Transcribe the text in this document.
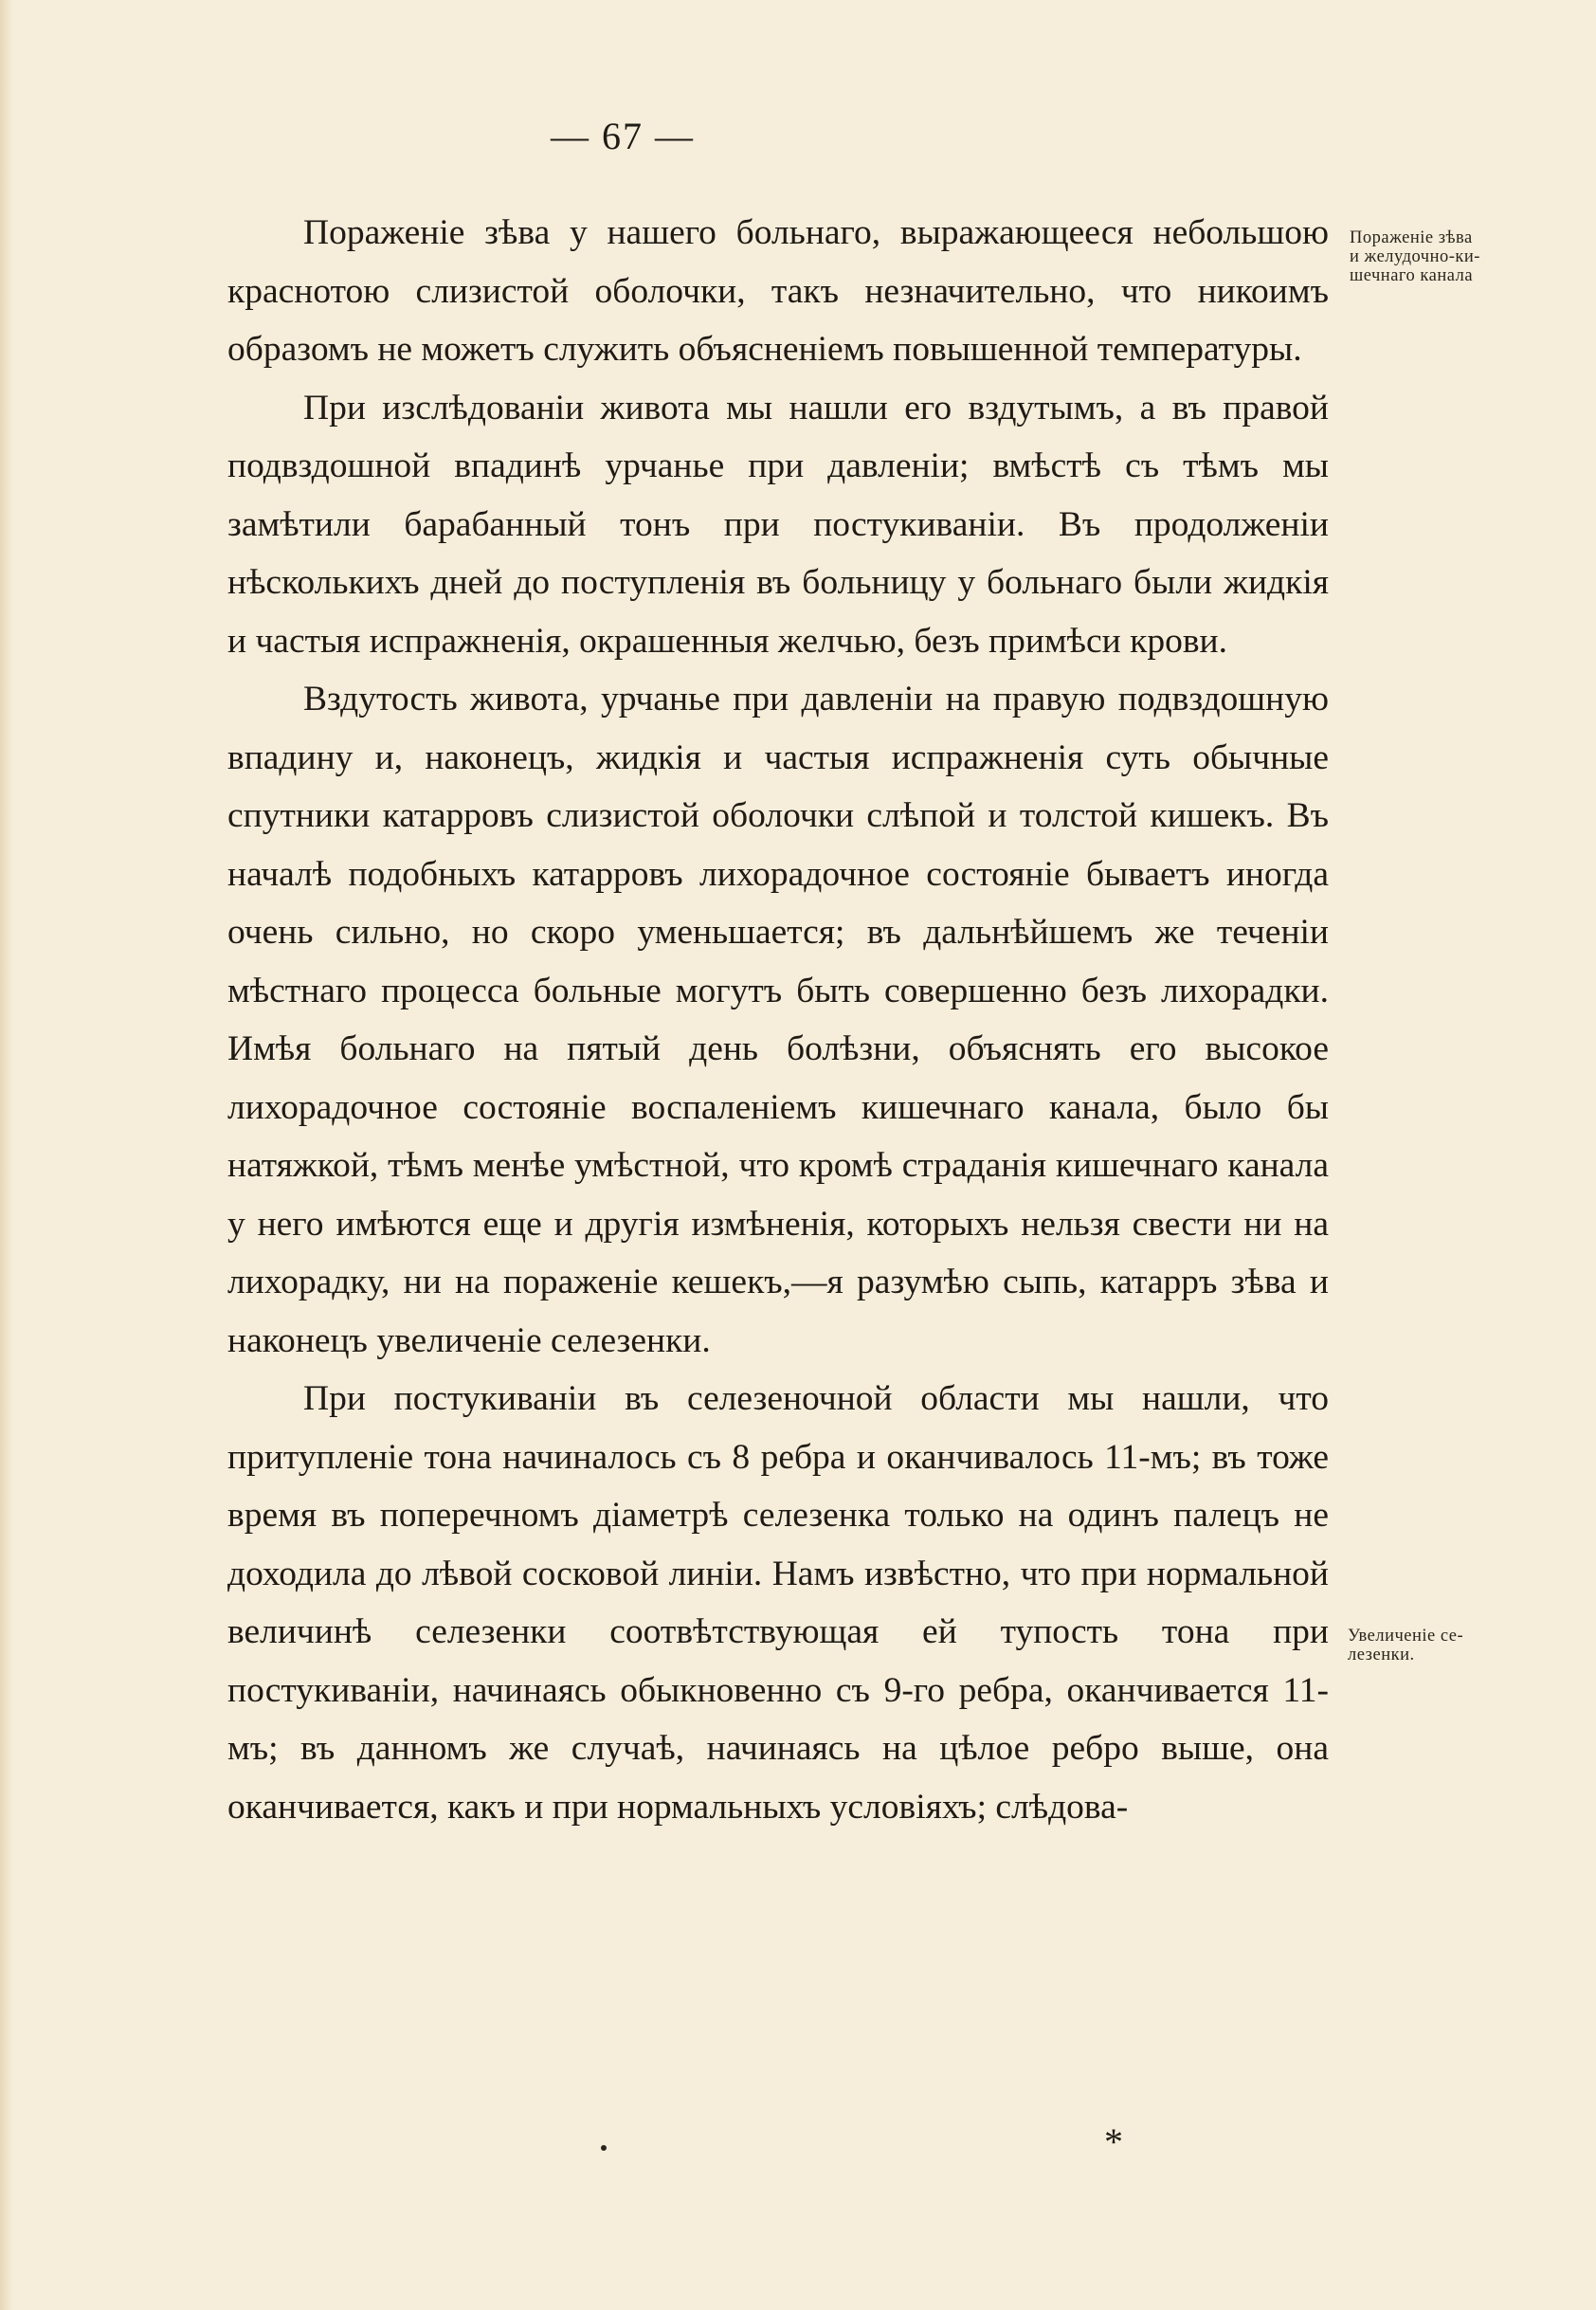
— 67 —

Пораженіе зѣва у нашего больнаго, выражающееся небольшою краснотою слизистой оболочки, такъ незначительно, что никоимъ образомъ не можетъ служить объясненіемъ повышенной температуры.

При изслѣдованіи живота мы нашли его вздутымъ, а въ правой подвздошной впадинѣ урчанье при давленіи; вмѣстѣ съ тѣмъ мы замѣтили барабанный тонъ при постукиваніи. Въ продолженіи нѣсколькихъ дней до поступленія въ больницу у больнаго были жидкія и частыя испражненія, окрашенныя желчью, безъ примѣси крови.

Вздутость живота, урчанье при давленіи на правую подвздошную впадину и, наконецъ, жидкія и частыя испражненія суть обычные спутники катарровъ слизистой оболочки слѣпой и толстой кишекъ. Въ началѣ подобныхъ катарровъ лихорадочное состояніе бываетъ иногда очень сильно, но скоро уменьшается; въ дальнѣйшемъ же теченіи мѣстнаго процесса больные могутъ быть совершенно безъ лихорадки. Имѣя больнаго на пятый день болѣзни, объяснять его высокое лихорадочное состояніе воспаленіемъ кишечнаго канала, было бы натяжкой, тѣмъ менѣе умѣстной, что кромѣ страданія кишечнаго канала у него имѣются еще и другія измѣненія, которыхъ нельзя свести ни на лихорадку, ни на пораженіе кешекъ,—я разумѣю сыпь, катарръ зѣва и наконецъ увеличеніе селезенки.

При постукиваніи въ селезеночной области мы нашли, что притупленіе тона начиналось съ 8 ребра и оканчивалось 11-мъ; въ тоже время въ поперечномъ діаметрѣ селезенка только на одинъ палецъ не доходила до лѣвой сосковой линіи. Намъ извѣстно, что при нормальной величинѣ селезенки соотвѣтствующая ей тупость тона при постукиваніи, начинаясь обыкновенно съ 9-го ребра, оканчивается 11-мъ; въ данномъ же случаѣ, начинаясь на цѣлое ребро выше, она оканчивается, какъ и при нормальныхъ условіяхъ; слѣдова-

Пораженіе зѣва
и желудочно-ки-
шечнаго канала
Увеличеніе се-
лезенки.
*
